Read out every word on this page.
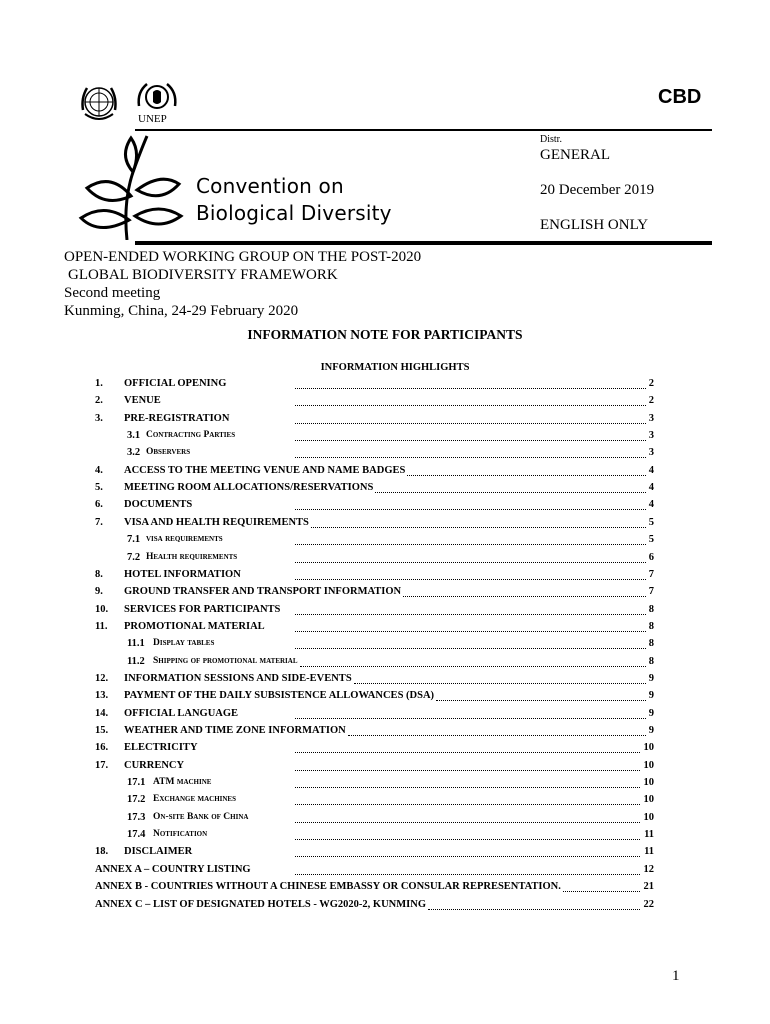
UNEP
CBD
Convention on
Biological Diversity
Distr.
GENERAL
20 December 2019
ENGLISH ONLY
OPEN-ENDED WORKING GROUP ON THE POST-2020
GLOBAL BIODIVERSITY FRAMEWORK
Second meeting
Kunming, China, 24-29 February 2020
INFORMATION NOTE FOR PARTICIPANTS
INFORMATION HIGHLIGHTS
1. OFFICIAL OPENING	2
2. VENUE	2
3. PRE-REGISTRATION	3
3.1 Contracting Parties	3
3.2 Observers	3
4. ACCESS TO THE MEETING VENUE AND NAME BADGES	4
5. MEETING ROOM ALLOCATIONS/RESERVATIONS	4
6. DOCUMENTS	4
7. VISA AND HEALTH REQUIREMENTS	5
7.1 visa requirements	5
7.2 Health requirements	6
8. HOTEL INFORMATION	7
9. GROUND TRANSFER AND TRANSPORT INFORMATION	7
10. SERVICES FOR PARTICIPANTS	8
11. PROMOTIONAL MATERIAL	8
11.1 Display tables	8
11.2 Shipping of promotional material	8
12. INFORMATION SESSIONS AND SIDE-EVENTS	9
13. PAYMENT OF THE DAILY SUBSISTENCE ALLOWANCES (DSA)	9
14. OFFICIAL LANGUAGE	9
15. WEATHER AND TIME ZONE INFORMATION	9
16. ELECTRICITY	10
17. CURRENCY	10
17.1 ATM machine	10
17.2 Exchange machines	10
17.3 On-site Bank of China	10
17.4 Notification	11
18. DISCLAIMER	11
ANNEX A – COUNTRY LISTING	12
ANNEX B - COUNTRIES WITHOUT A CHINESE EMBASSY OR CONSULAR REPRESENTATION.	21
ANNEX C – LIST OF DESIGNATED HOTELS - WG2020-2, KUNMING	22
1
